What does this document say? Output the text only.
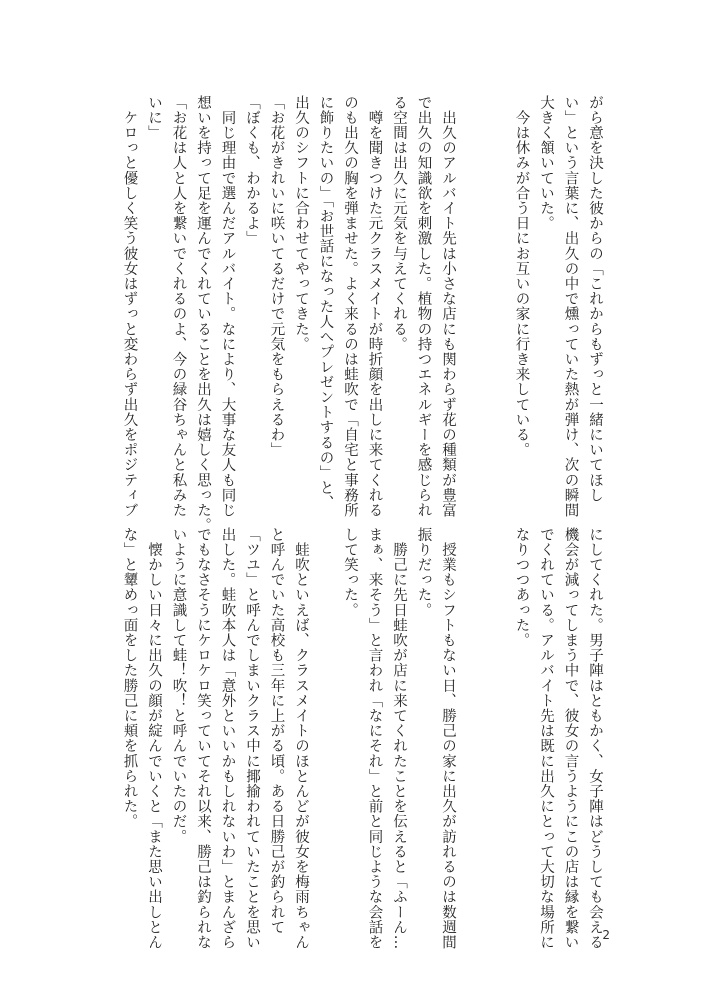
がら意を決した彼からの「これからもずっと一緒にいてほし

い」という言葉に、出久の中で燻っていた熱が弾け、次の瞬間

大きく頷いていた。

　今は休みが合う日にお互いの家に行き来している。

　出久のアルバイト先は小さな店にも関わらず花の種類が豊富

で出久の知識欲を刺激した。植物の持つエネルギーを感じられ

る空間は出久に元気を与えてくれる。

　噂を聞きつけた元クラスメイトが時折顔を出しに来てくれる

のも出久の胸を弾ませた。よく来るのは蛙吹で「自宅と事務所

に飾りたいの」「お世話になった人へプレゼントするの」と、

出久のシフトに合わせてやってきた。

「お花がきれいに咲いてるだけで元気をもらえるわ」

「ぼくも、わかるよ」

　同じ理由で選んだアルバイト。なにより、大事な友人も同じ

想いを持って足を運んでくれていることを出久は嬉しく思った。

「お花は人と人を繋いでくれるのよ、今の緑谷ちゃんと私みた

いに」

　ケロっと優しく笑う彼女はずっと変わらず出久をポジティブ

にしてくれた。男子陣はともかく、女子陣はどうしても会える

機会が減ってしまう中で、彼女の言うようにこの店は縁を繋い

でくれている。アルバイト先は既に出久にとって大切な場所に

なりつつあった。

　授業もシフトもない日、勝己の家に出久が訪れるのは数週間

振りだった。

　勝己に先日蛙吹が店に来てくれたことを伝えると「ふーん…

まぁ、来そう」と言われ「なにそれ」と前と同じような会話を

して笑った。

　蛙吹といえば、クラスメイトのほとんどが彼女を梅雨ちゃん

と呼んでいた高校も三年に上がる頃。ある日勝己が釣られて

「ツユ」と呼んでしまいクラス中に揶揄われていたことを思い

出した。蛙吹本人は「意外といいかもしれないわ」とまんざら

でもなさそうにケロケロ笑っていてそれ以来、勝己は釣られな

いように意識して蛙！吹！と呼んでいたのだ。

　懐かしい日々に出久の顔が綻んでいくと「また思い出しとん

な」と顰めっ面をした勝己に頬を抓られた。

2
